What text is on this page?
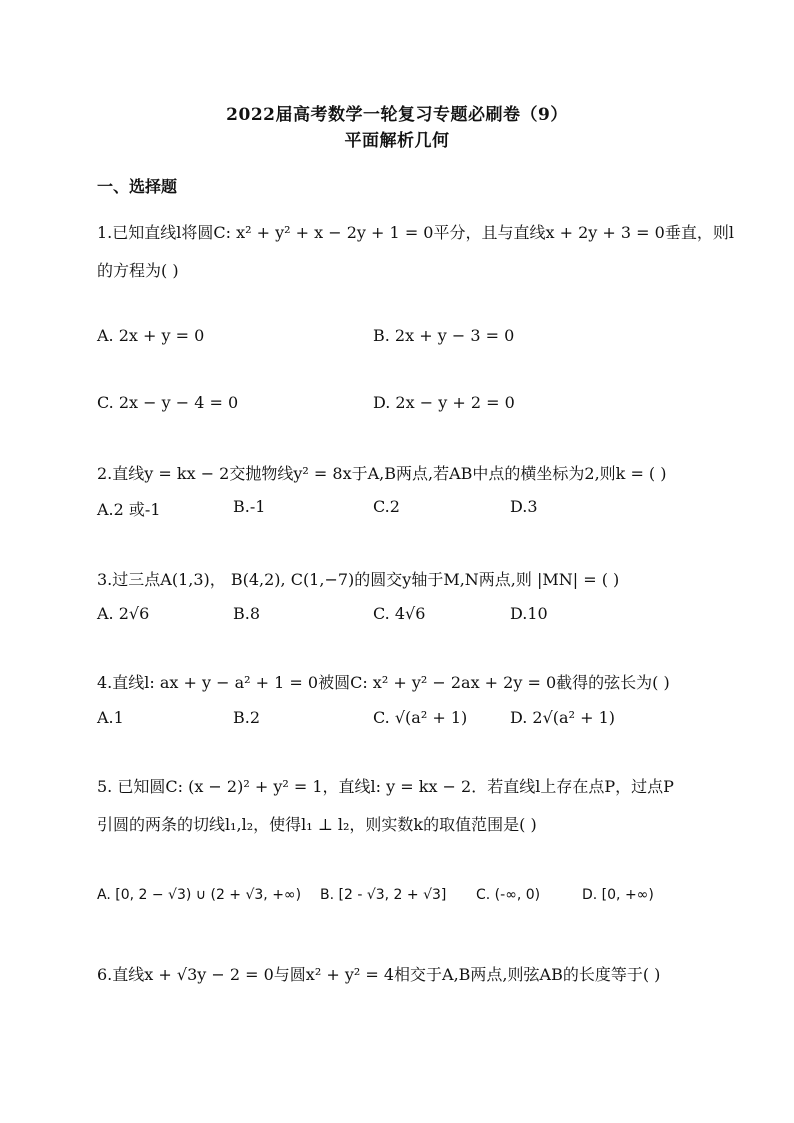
2022届高考数学一轮复习专题必刷卷（9）
平面解析几何
一、选择题
1.已知直线l将圆C: x² + y² + x − 2y + 1 = 0平分，且与直线x + 2y + 3 = 0垂直，则l
的方程为( )
A. 2x + y = 0	B. 2x + y − 3 = 0
C. 2x − y − 4 = 0	D. 2x − y + 2 = 0
2.直线y = kx − 2交抛物线y² = 8x于A,B两点,若AB中点的横坐标为2,则k = ( )
A.2 或-1	B.-1	C.2	D.3
3.过三点A(1,3)， B(4,2), C(1,−7)的圆交y轴于M,N两点,则 |MN| = ( )
A. 2√6	B.8	C. 4√6	D.10
4.直线l: ax + y − a² + 1 = 0被圆C: x² + y² − 2ax + 2y = 0截得的弦长为( )
A.1	B.2	C. √(a² + 1)	D. 2√(a² + 1)
5. 已知圆C: (x − 2)² + y² = 1，直线l: y = kx − 2．若直线l上存在点P，过点P
引圆的两条的切线l₁,l₂，使得l₁ ⊥ l₂，则实数k的取值范围是( )
A. [0, 2 − √3) ∪ (2 + √3, +∞) B. [2 - √3, 2 + √3] C. (-∞, 0)	D. [0, +∞)
6.直线x + √3y − 2 = 0与圆x² + y² = 4相交于A,B两点,则弦AB的长度等于( )
